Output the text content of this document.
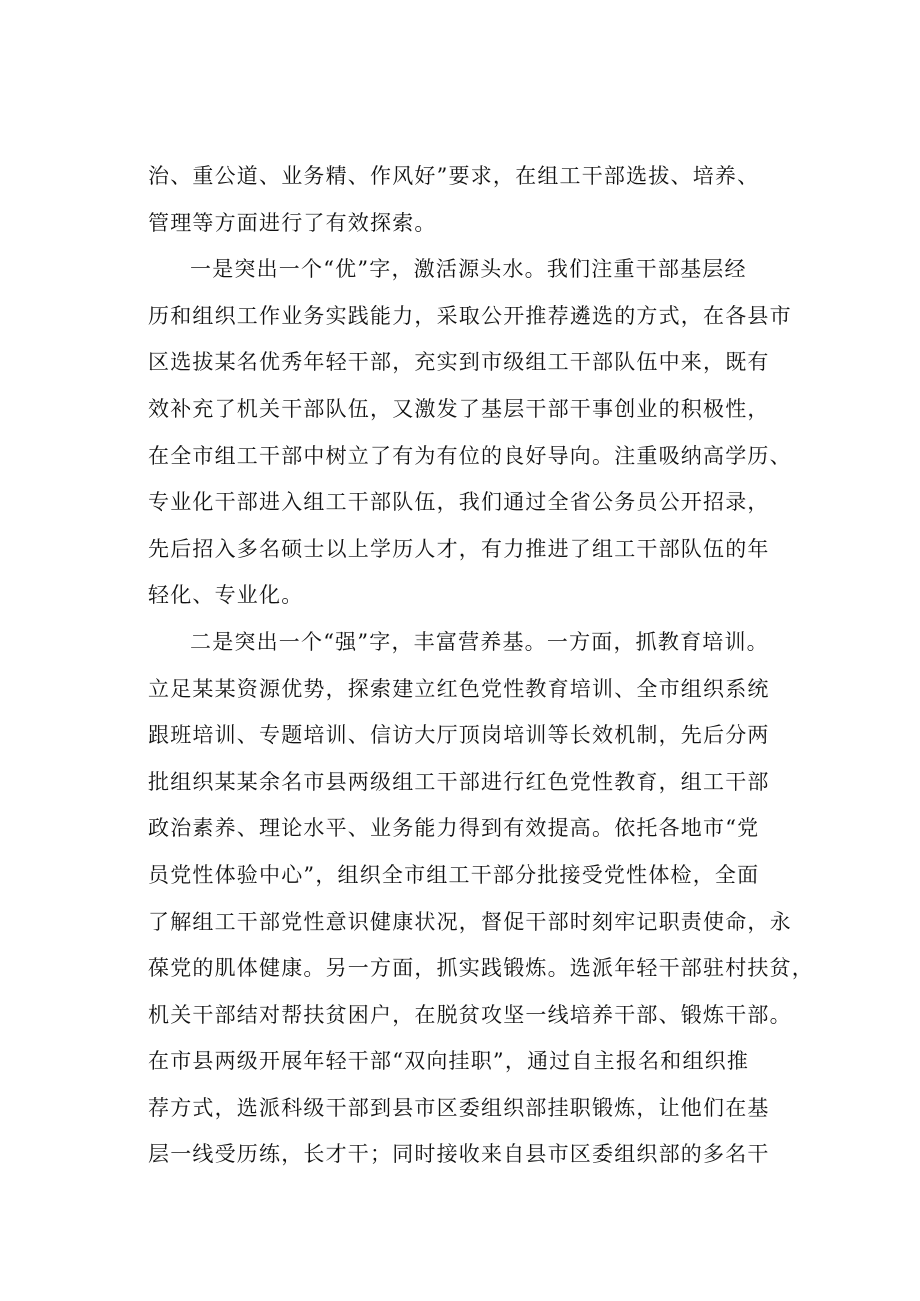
治、重公道、业务精、作风好”要求，在组工干部选拔、培养、
管理等方面进行了有效探索。
一是突出一个“优”字，激活源头水。我们注重干部基层经
历和组织工作业务实践能力，采取公开推荐遴选的方式，在各县市
区选拔某名优秀年轻干部，充实到市级组工干部队伍中来，既有
效补充了机关干部队伍，又激发了基层干部干事创业的积极性，
在全市组工干部中树立了有为有位的良好导向。注重吸纳高学历、
专业化干部进入组工干部队伍，我们通过全省公务员公开招录，
先后招入多名硕士以上学历人才，有力推进了组工干部队伍的年
轻化、专业化。
二是突出一个“强”字，丰富营养基。一方面，抓教育培训。
立足某某资源优势，探索建立红色党性教育培训、全市组织系统
跟班培训、专题培训、信访大厅顶岗培训等长效机制，先后分两
批组织某某余名市县两级组工干部进行红色党性教育，组工干部
政治素养、理论水平、业务能力得到有效提高。依托各地市“党
员党性体验中心”，组织全市组工干部分批接受党性体检，全面
了解组工干部党性意识健康状况，督促干部时刻牢记职责使命，永
葆党的肌体健康。另一方面，抓实践锻炼。选派年轻干部驻村扶贫，
机关干部结对帮扶贫困户，在脱贫攻坚一线培养干部、锻炼干部。
在市县两级开展年轻干部“双向挂职”，通过自主报名和组织推
荐方式，选派科级干部到县市区委组织部挂职锻炼，让他们在基
层一线受历练，长才干；同时接收来自县市区委组织部的多名干
